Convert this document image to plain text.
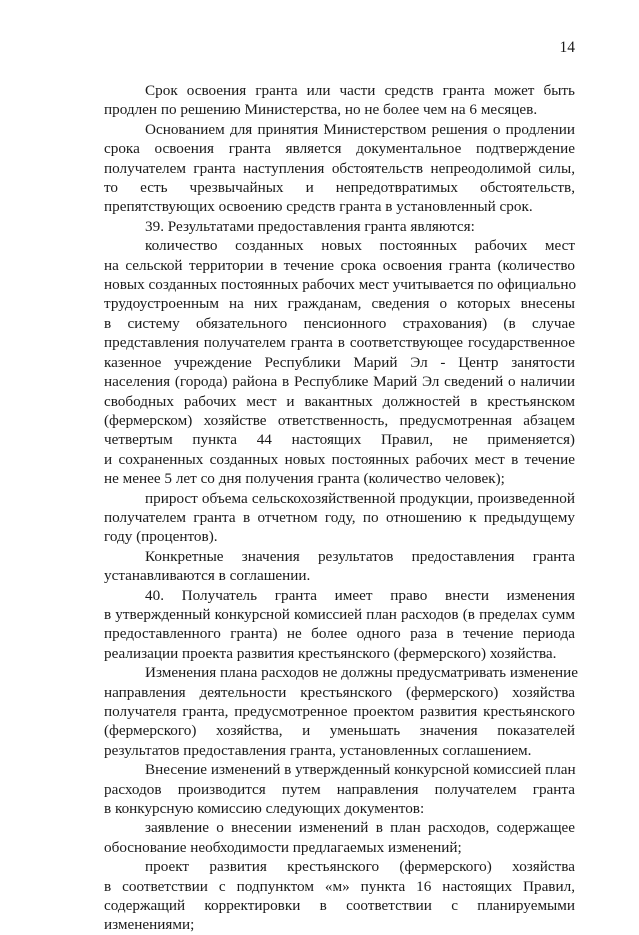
14

Срок освоения гранта или части средств гранта может быть
продлен по решению Министерства, но не более чем на 6 месяцев.

Основанием для принятия Министерством решения о продлении
срока освоения гранта является документальное подтверждение
получателем гранта наступления обстоятельств непреодолимой силы,
то есть чрезвычайных и непредотвратимых обстоятельств,
препятствующих освоению средств гранта в установленный срок.

39. Результатами предоставления гранта являются:

количество созданных новых постоянных рабочих мест
на сельской территории в течение срока освоения гранта (количество
новых созданных постоянных рабочих мест учитывается по официально
трудоустроенным на них гражданам, сведения о которых внесены
в систему обязательного пенсионного страхования) (в случае
представления получателем гранта в соответствующее государственное
казенное учреждение Республики Марий Эл - Центр занятости
населения (города) района в Республике Марий Эл сведений о наличии
свободных рабочих мест и вакантных должностей в крестьянском
(фермерском) хозяйстве ответственность, предусмотренная абзацем
четвертым пункта 44 настоящих Правил, не применяется)
и сохраненных созданных новых постоянных рабочих мест в течение
не менее 5 лет со дня получения гранта (количество человек);

прирост объема сельскохозяйственной продукции, произведенной
получателем гранта в отчетном году, по отношению к предыдущему
году (процентов).

Конкретные значения результатов предоставления гранта
устанавливаются в соглашении.

40. Получатель гранта имеет право внести изменения
в утвержденный конкурсной комиссией план расходов (в пределах сумм
предоставленного гранта) не более одного раза в течение периода
реализации проекта развития крестьянского (фермерского) хозяйства.

Изменения плана расходов не должны предусматривать изменение
направления деятельности крестьянского (фермерского) хозяйства
получателя гранта, предусмотренное проектом развития крестьянского
(фермерского) хозяйства, и уменьшать значения показателей
результатов предоставления гранта, установленных соглашением.

Внесение изменений в утвержденный конкурсной комиссией план
расходов производится путем направления получателем гранта
в конкурсную комиссию следующих документов:

заявление о внесении изменений в план расходов, содержащее
обоснование необходимости предлагаемых изменений;

проект развития крестьянского (фермерского) хозяйства
в соответствии с подпунктом «м» пункта 16 настоящих Правил,
содержащий корректировки в соответствии с планируемыми
изменениями;
